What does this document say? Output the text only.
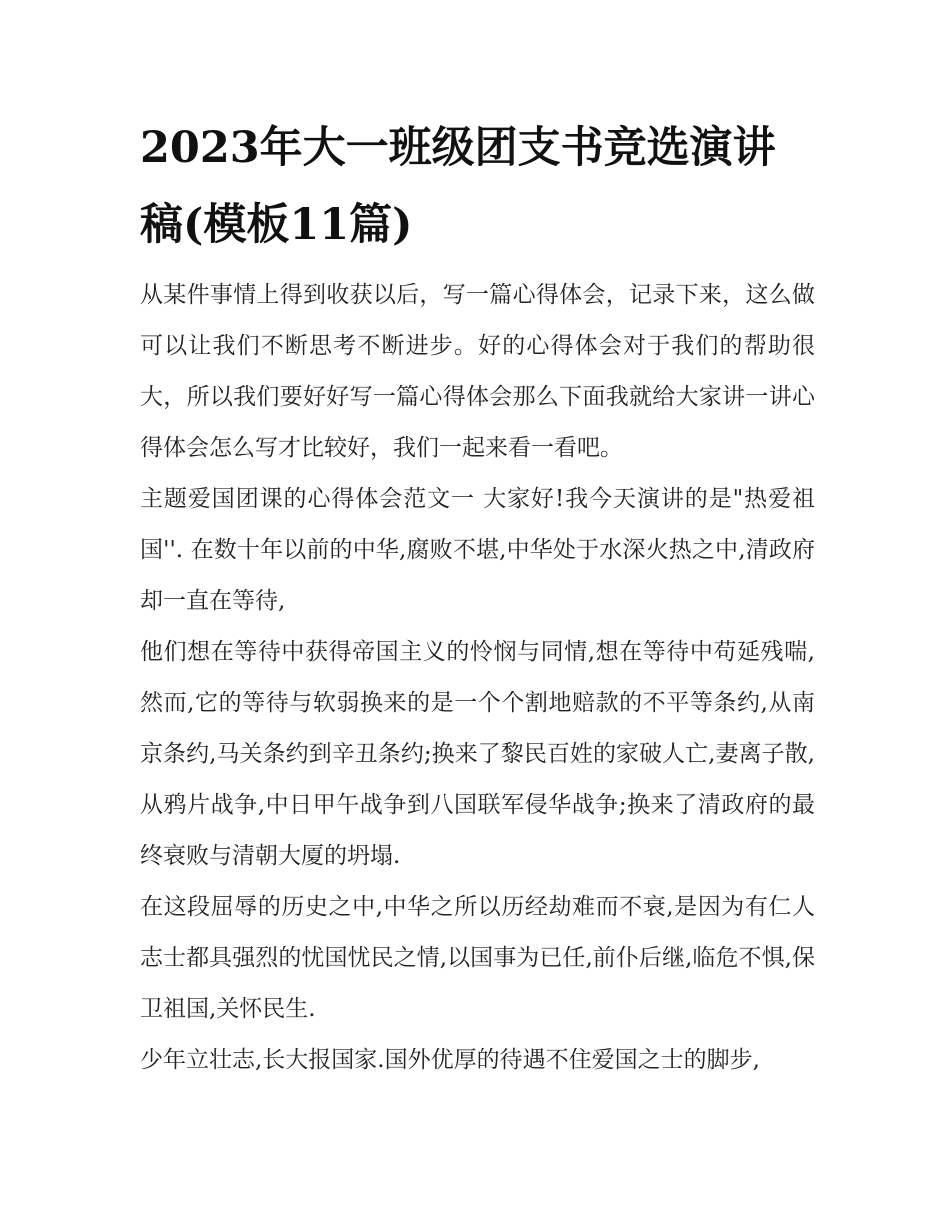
2023年大一班级团支书竞选演讲稿(模板11篇)

从某件事情上得到收获以后，写一篇心得体会，记录下来，这么做可以让我们不断思考不断进步。好的心得体会对于我们的帮助很大，所以我们要好好写一篇心得体会那么下面我就给大家讲一讲心得体会怎么写才比较好，我们一起来看一看吧。

主题爱国团课的心得体会范文一 大家好!我今天演讲的是"热爱祖国''. 在数十年以前的中华,腐败不堪,中华处于水深火热之中,清政府却一直在等待,

他们想在等待中获得帝国主义的怜悯与同情,想在等待中苟延残喘,然而,它的等待与软弱换来的是一个个割地赔款的不平等条约,从南京条约,马关条约到辛丑条约;换来了黎民百姓的家破人亡,妻离子散,从鸦片战争,中日甲午战争到八国联军侵华战争;换来了清政府的最终衰败与清朝大厦的坍塌.

在这段屈辱的历史之中,中华之所以历经劫难而不衰,是因为有仁人志士都具强烈的忧国忧民之情,以国事为已任,前仆后继,临危不惧,保卫祖国,关怀民生.

少年立壮志,长大报国家.国外优厚的待遇不住爱国之士的脚步,
